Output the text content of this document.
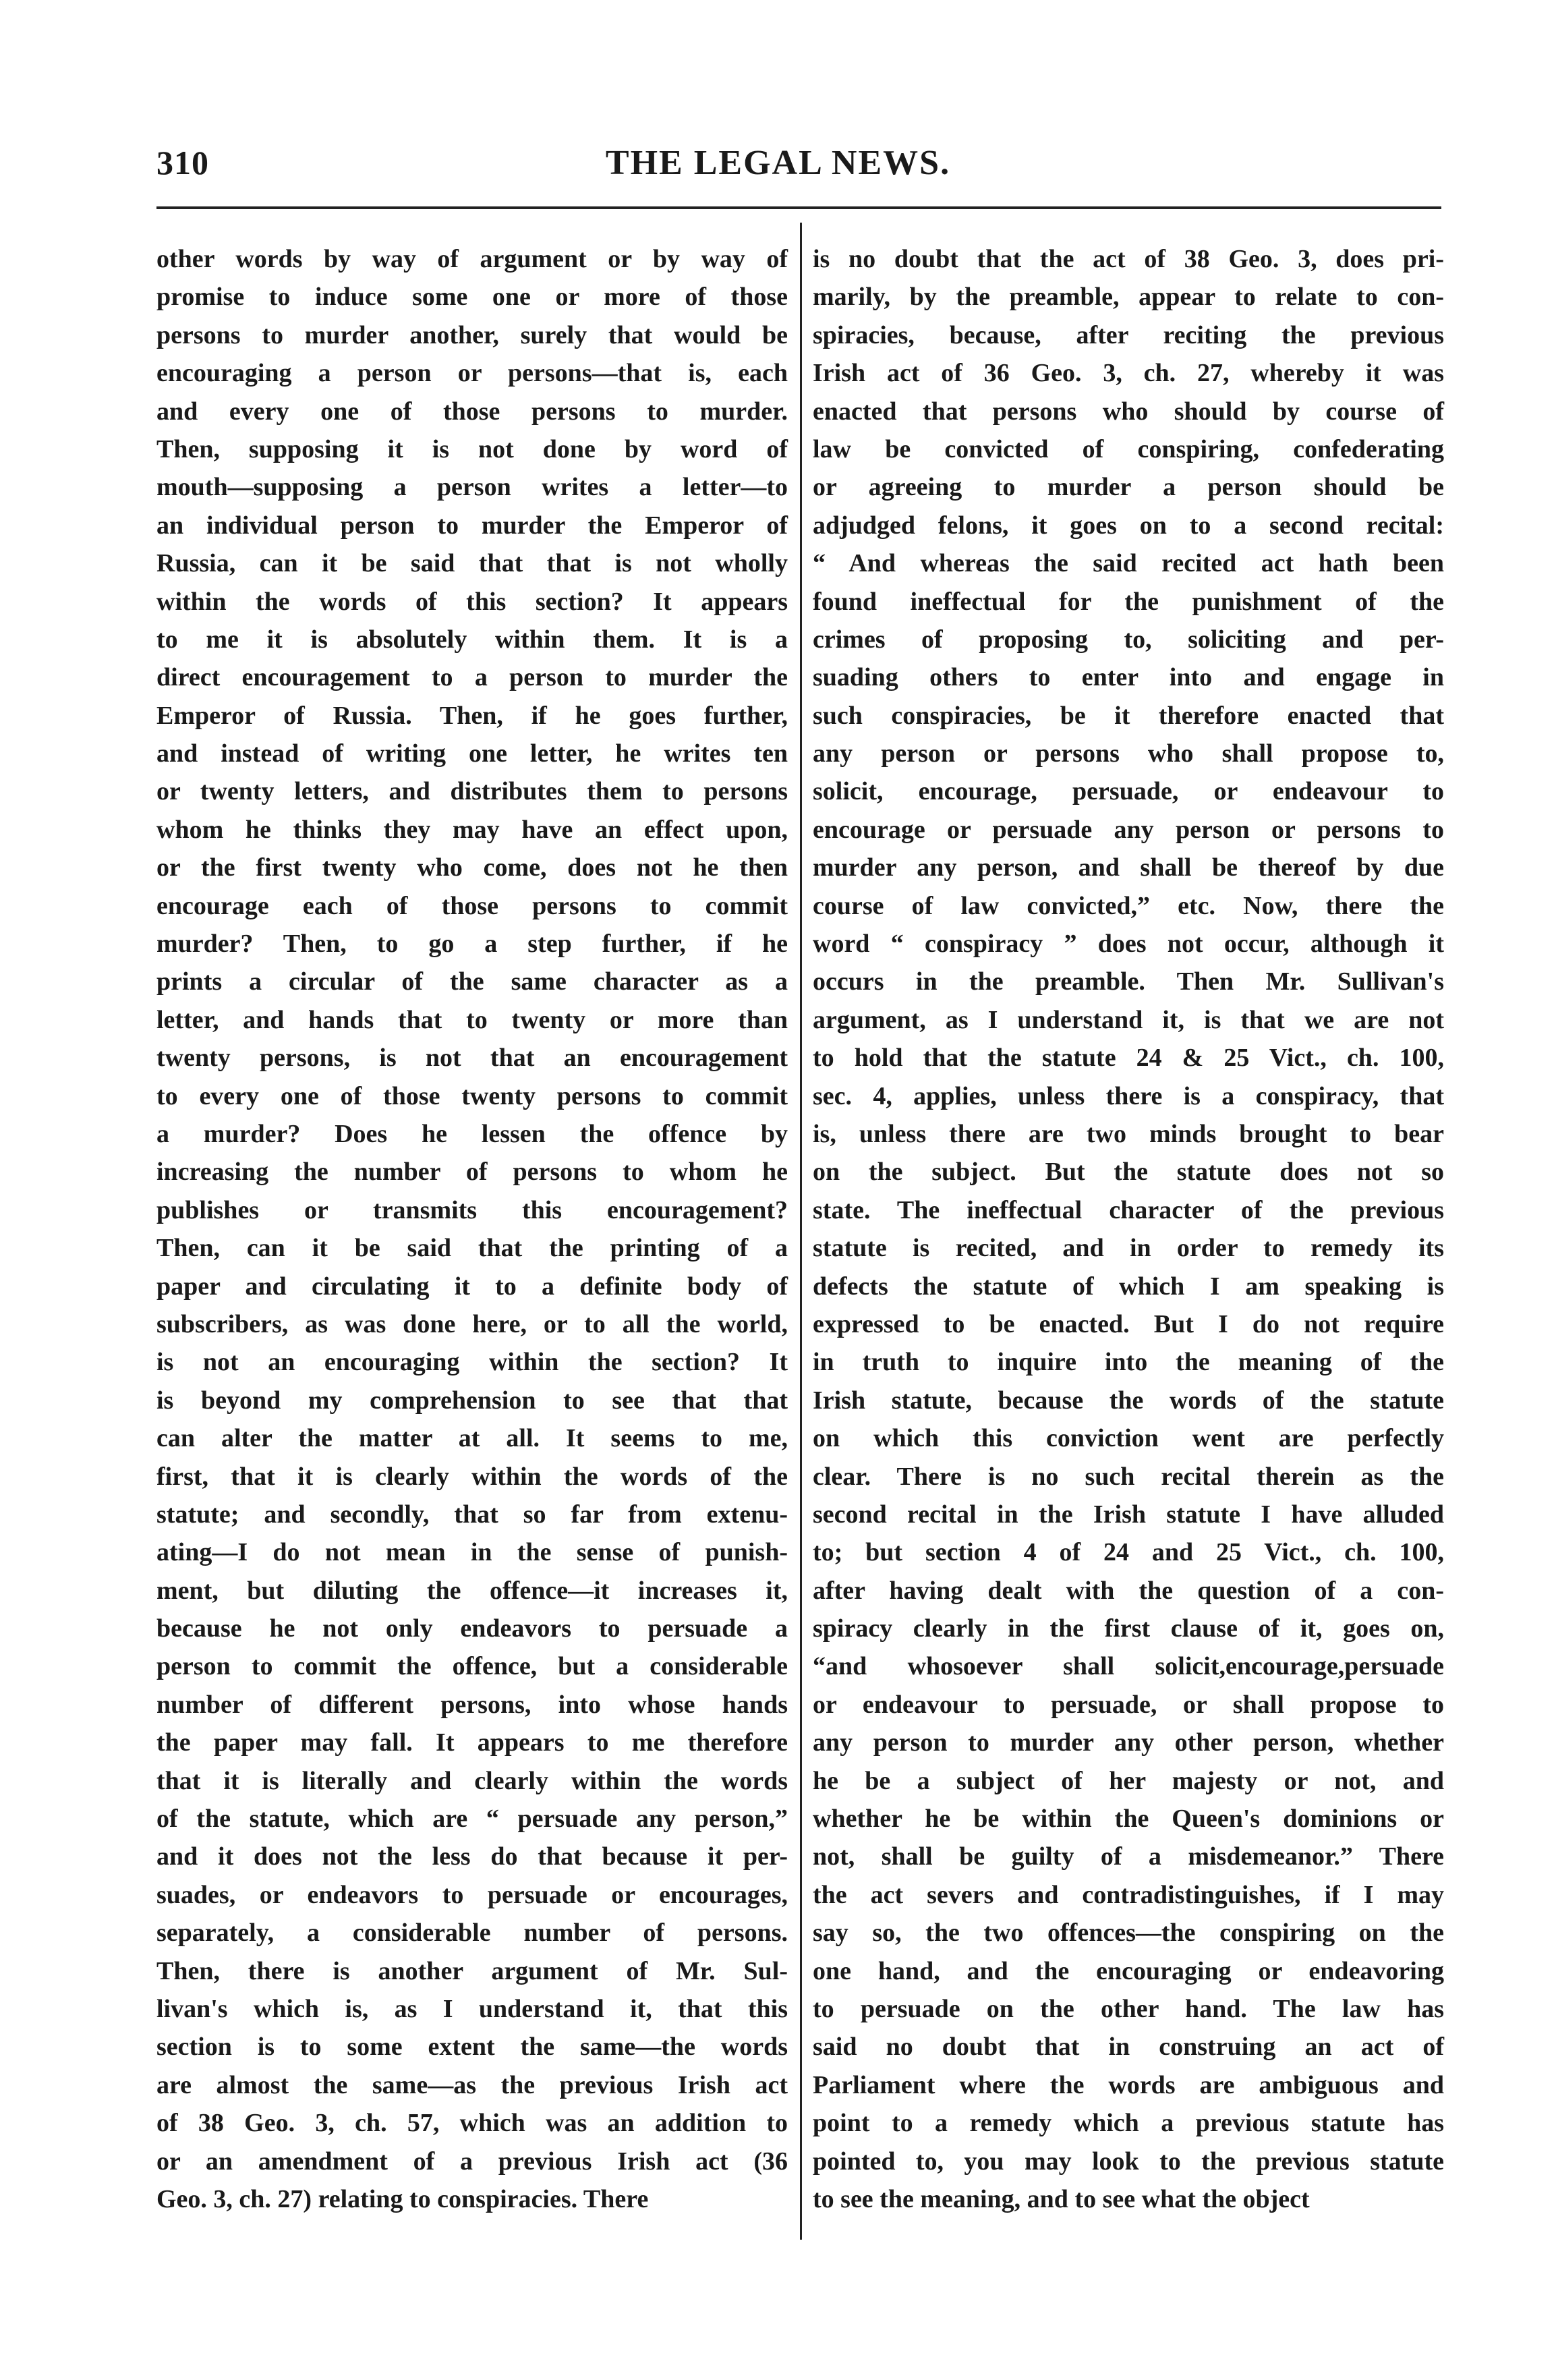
310	THE LEGAL NEWS.
other words by way of argument or by way of
promise to induce some one or more of those
persons to murder another, surely that would be
encouraging a person or persons—that is, each
and every one of those persons to murder.
Then, supposing it is not done by word of
mouth—supposing a person writes a letter—to
an individual person to murder the Emperor of
Russia, can it be said that that is not wholly
within the words of this section? It appears
to me it is absolutely within them. It is a
direct encouragement to a person to murder the
Emperor of Russia. Then, if he goes further,
and instead of writing one letter, he writes ten
or twenty letters, and distributes them to persons
whom he thinks they may have an effect upon,
or the first twenty who come, does not he then
encourage each of those persons to commit
murder? Then, to go a step further, if he
prints a circular of the same character as a
letter, and hands that to twenty or more than
twenty persons, is not that an encouragement
to every one of those twenty persons to commit
a murder? Does he lessen the offence by
increasing the number of persons to whom he
publishes or transmits this encouragement?
Then, can it be said that the printing of a
paper and circulating it to a definite body of
subscribers, as was done here, or to all the world,
is not an encouraging within the section? It
is beyond my comprehension to see that that
can alter the matter at all. It seems to me,
first, that it is clearly within the words of the
statute; and secondly, that so far from extenu-
ating—I do not mean in the sense of punish-
ment, but diluting the offence—it increases it,
because he not only endeavors to persuade a
person to commit the offence, but a considerable
number of different persons, into whose hands
the paper may fall. It appears to me therefore
that it is literally and clearly within the words
of the statute, which are “ persuade any person,”
and it does not the less do that because it per-
suades, or endeavors to persuade or encourages,
separately, a considerable number of persons.
Then, there is another argument of Mr. Sul-
livan's which is, as I understand it, that this
section is to some extent the same—the words
are almost the same—as the previous Irish act
of 38 Geo. 3, ch. 57, which was an addition to
or an amendment of a previous Irish act (36
Geo. 3, ch. 27) relating to conspiracies. There
is no doubt that the act of 38 Geo. 3, does pri-
marily, by the preamble, appear to relate to con-
spiracies, because, after reciting the previous
Irish act of 36 Geo. 3, ch. 27, whereby it was
enacted that persons who should by course of
law be convicted of conspiring, confederating
or agreeing to murder a person should be
adjudged felons, it goes on to a second recital:
“ And whereas the said recited act hath been
found ineffectual for the punishment of the
crimes of proposing to, soliciting and per-
suading others to enter into and engage in
such conspiracies, be it therefore enacted that
any person or persons who shall propose to,
solicit, encourage, persuade, or endeavour to
encourage or persuade any person or persons to
murder any person, and shall be thereof by due
course of law convicted,” etc. Now, there the
word “ conspiracy ” does not occur, although it
occurs in the preamble. Then Mr. Sullivan's
argument, as I understand it, is that we are not
to hold that the statute 24 & 25 Vict., ch. 100,
sec. 4, applies, unless there is a conspiracy, that
is, unless there are two minds brought to bear
on the subject. But the statute does not so
state. The ineffectual character of the previous
statute is recited, and in order to remedy its
defects the statute of which I am speaking is
expressed to be enacted. But I do not require
in truth to inquire into the meaning of the
Irish statute, because the words of the statute
on which this conviction went are perfectly
clear. There is no such recital therein as the
second recital in the Irish statute I have alluded
to; but section 4 of 24 and 25 Vict., ch. 100,
after having dealt with the question of a con-
spiracy clearly in the first clause of it, goes on,
“and whosoever shall solicit,encourage,persuade
or endeavour to persuade, or shall propose to
any person to murder any other person, whether
he be a subject of her majesty or not, and
whether he be within the Queen's dominions or
not, shall be guilty of a misdemeanor.” There
the act severs and contradistinguishes, if I may
say so, the two offences—the conspiring on the
one hand, and the encouraging or endeavoring
to persuade on the other hand. The law has
said no doubt that in construing an act of
Parliament where the words are ambiguous and
point to a remedy which a previous statute has
pointed to, you may look to the previous statute
to see the meaning, and to see what the object
